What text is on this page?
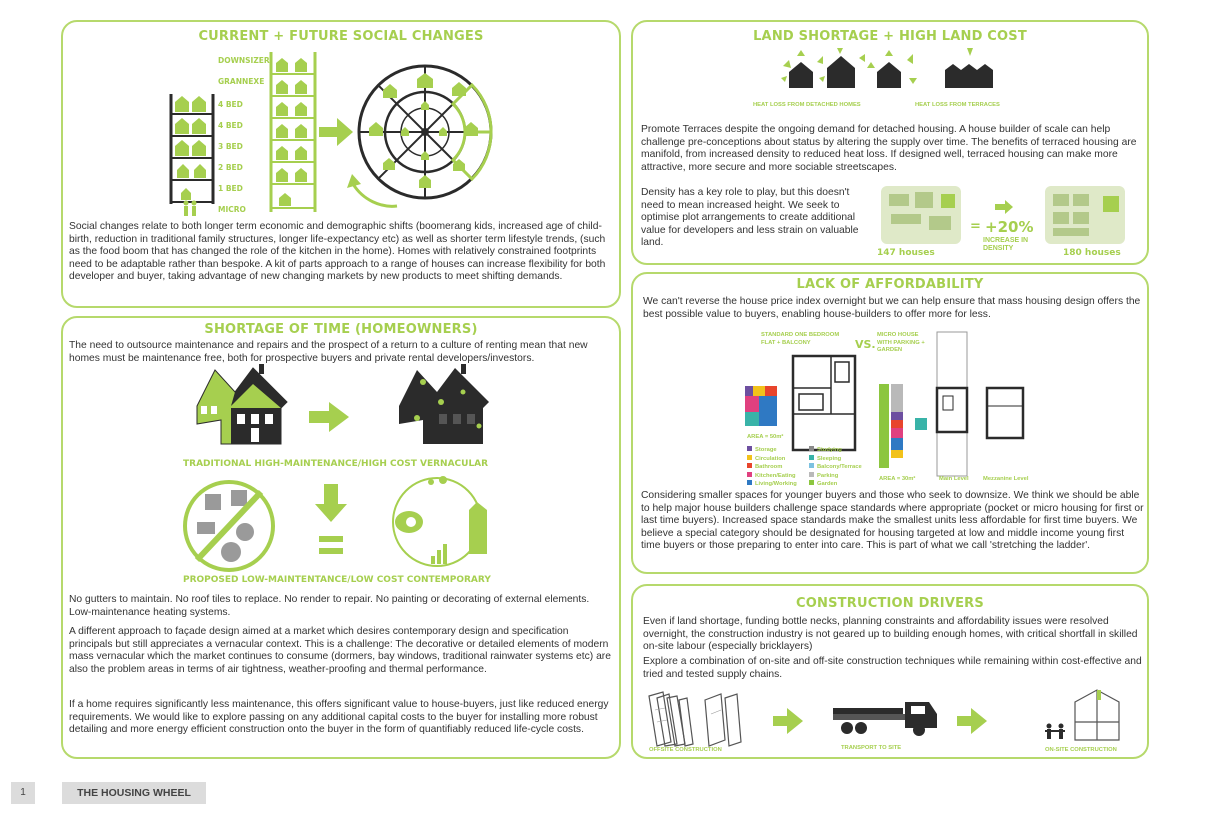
CURRENT + FUTURE SOCIAL CHANGES
DOWNSIZER
GRANNEXE
4 BED
4 BED
3 BED
2 BED
1 BED
MICRO
Social changes relate to both longer term economic and demographic shifts (boomerang kids, increased age of child-birth, reduction in traditional family structures, longer life-expectancy etc) as well as shorter term lifestyle trends, (such as the food boom that has changed the role of the kitchen in the home). Homes with relatively constrained footprints need to be adaptable rather than bespoke. A kit of parts approach to a range of houses can increase flexibility for both developer and buyer, taking advantage of new changing markets by new products to meet shifting demands.
SHORTAGE OF TIME (HOMEOWNERS)
The need to outsource maintenance and repairs and the prospect of a return to a culture of renting mean that new homes must be maintenance free, both for prospective buyers and private rental developers/investors.
TRADITIONAL HIGH-MAINTENANCE/HIGH COST VERNACULAR
PROPOSED LOW-MAINTENTANCE/LOW COST CONTEMPORARY
No gutters to maintain. No roof tiles to replace. No render to repair. No painting or decorating of external elements. Low-maintenance heating systems.
A different approach to façade design aimed at a market which desires contemporary design and specification principals but still appreciates a vernacular context. This is a challenge: The decorative or detailed elements of modern mass vernacular which the market continues to consume (dormers, bay windows, traditional rainwater systems etc) are also the problem areas in terms of air tightness, weather-proofing and thermal performance.
If a home requires significantly less maintenance, this offers significant value to house-buyers, just like reduced energy requirements. We would like to explore passing on any additional capital costs to the buyer for installing more robust detailing and more energy efficient construction onto the buyer in the form of quantifiably reduced life-cycle costs.
LAND SHORTAGE + HIGH LAND COST
HEAT LOSS FROM DETACHED HOMES	HEAT LOSS FROM TERRACES
Promote Terraces despite the ongoing demand for detached housing. A house builder of scale can help challenge pre-conceptions about status by altering the supply over time. The benefits of terraced housing are manifold, from increased density to reduced heat loss. If designed well, terraced housing can make more attractive, more secure and more sociable streetscapes.
Density has a key role to play, but this doesn't need to mean increased height. We seek to optimise plot arrangements to create additional value for developers and less strain on valuable land.
147 houses
= +20%
INCREASE IN DENSITY	180 houses
LACK OF AFFORDABILITY
We can't reverse the house price index overnight but we can help ensure that mass housing design offers the best possible value to buyers, enabling house-builders to offer more for less.
STANDARD ONE BEDROOM FLAT + BALCONY	VS.
MICRO HOUSE WITH PARKING + GARDEN
AREA = 50m²
Storage
Circulation
Bathroom
Kitchen/Eating
Living/Working
Studying
Sleeping
Balcony/Terrace
Parking
Garden
AREA = 30m²	Main Level Mezzanine Level
Considering smaller spaces for younger buyers and those who seek to downsize. We think we should be able to help major house builders challenge space standards where appropriate (pocket or micro housing for first or last time buyers). Increased space standards make the smallest units less affordable for first time buyers. We believe a special category should be designated for housing targeted at low and middle income young first time buyers or those preparing to enter into care. This is part of what we call 'stretching the ladder'.
CONSTRUCTION DRIVERS
Even if land shortage, funding bottle necks, planning constraints and affordability issues were resolved overnight, the construction industry is not geared up to building enough homes, with critical shortfall in skilled on-site labour (especially bricklayers)
Explore a combination of on-site and off-site construction techniques while remaining within cost-effective and tried and tested supply chains.
OFFSITE CONSTRUCTION	TRANSPORT TO SITE	ON-SITE CONSTRUCTION
1	THE HOUSING WHEEL
